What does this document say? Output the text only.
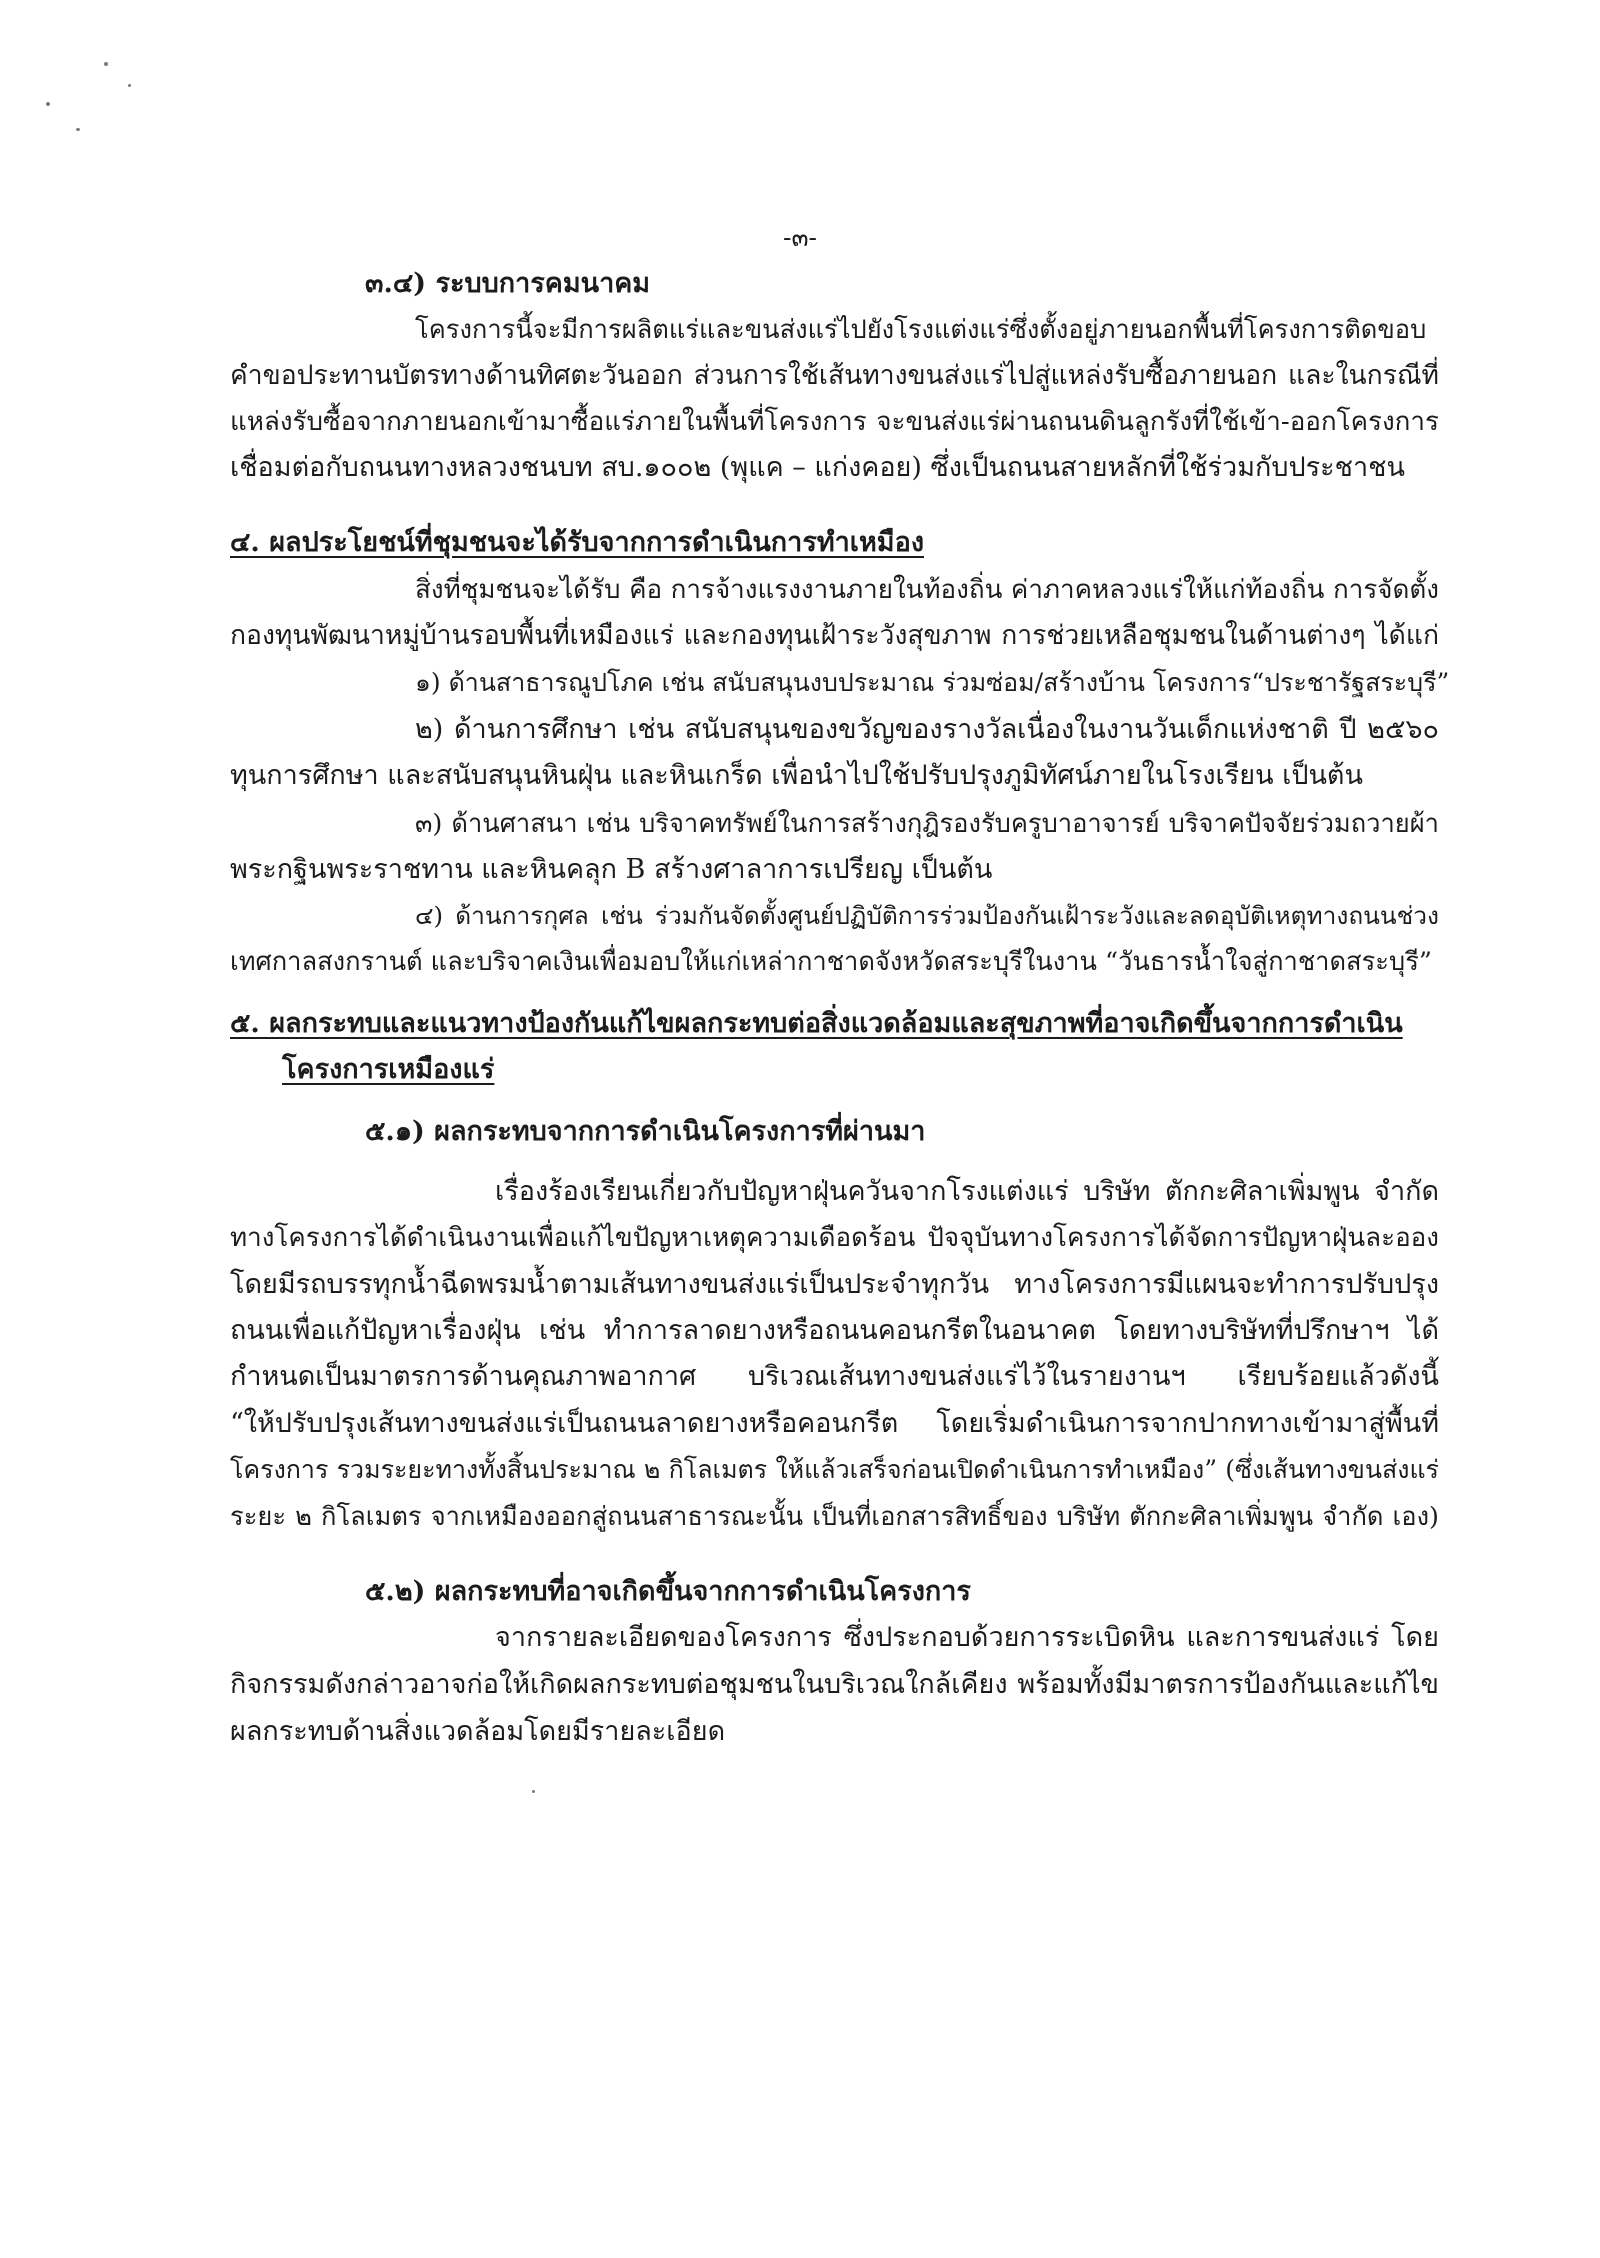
-๓-
๓.๔) ระบบการคมนาคม
โครงการนี้จะมีการผลิตแร่และขนส่งแร่ไปยังโรงแต่งแร่ซึ่งตั้งอยู่ภายนอกพื้นที่โครงการติดขอบ
คำขอประทานบัตรทางด้านทิศตะวันออก ส่วนการใช้เส้นทางขนส่งแร่ไปสู่แหล่งรับซื้อภายนอก และในกรณีที่
แหล่งรับซื้อจากภายนอกเข้ามาซื้อแร่ภายในพื้นที่โครงการ จะขนส่งแร่ผ่านถนนดินลูกรังที่ใช้เข้า-ออกโครงการ
เชื่อมต่อกับถนนทางหลวงชนบท สบ.๑๐๐๒ (พุแค – แก่งคอย) ซึ่งเป็นถนนสายหลักที่ใช้ร่วมกับประชาชน
๔. ผลประโยชน์ที่ชุมชนจะได้รับจากการดำเนินการทำเหมือง
สิ่งที่ชุมชนจะได้รับ คือ การจ้างแรงงานภายในท้องถิ่น ค่าภาคหลวงแร่ให้แก่ท้องถิ่น การจัดตั้ง
กองทุนพัฒนาหมู่บ้านรอบพื้นที่เหมืองแร่ และกองทุนเฝ้าระวังสุขภาพ การช่วยเหลือชุมชนในด้านต่างๆ ได้แก่
๑) ด้านสาธารณูปโภค เช่น สนับสนุนงบประมาณ ร่วมซ่อม/สร้างบ้าน โครงการ“ประชารัฐสระบุรี”
๒) ด้านการศึกษา เช่น สนับสนุนของขวัญของรางวัลเนื่องในงานวันเด็กแห่งชาติ ปี ๒๕๖๐
ทุนการศึกษา และสนับสนุนหินฝุ่น และหินเกร็ด เพื่อนำไปใช้ปรับปรุงภูมิทัศน์ภายในโรงเรียน เป็นต้น
๓) ด้านศาสนา เช่น บริจาคทรัพย์ในการสร้างกุฎิรองรับครูบาอาจารย์ บริจาคปัจจัยร่วมถวายผ้า
พระกฐินพระราชทาน และหินคลุก B สร้างศาลาการเปรียญ เป็นต้น
๔) ด้านการกุศล เช่น ร่วมกันจัดตั้งศูนย์ปฏิบัติการร่วมป้องกันเฝ้าระวังและลดอุบัติเหตุทางถนนช่วง
เทศกาลสงกรานต์ และบริจาคเงินเพื่อมอบให้แก่เหล่ากาชาดจังหวัดสระบุรีในงาน “วันธารน้ำใจสู่กาชาดสระบุรี”
๕. ผลกระทบและแนวทางป้องกันแก้ไขผลกระทบต่อสิ่งแวดล้อมและสุขภาพที่อาจเกิดขึ้นจากการดำเนิน
โครงการเหมืองแร่
๕.๑) ผลกระทบจากการดำเนินโครงการที่ผ่านมา
เรื่องร้องเรียนเกี่ยวกับปัญหาฝุ่นควันจากโรงแต่งแร่ บริษัท ตักกะศิลาเพิ่มพูน จำกัด
ทางโครงการได้ดำเนินงานเพื่อแก้ไขปัญหาเหตุความเดือดร้อน ปัจจุบันทางโครงการได้จัดการปัญหาฝุ่นละออง
โดยมีรถบรรทุกน้ำฉีดพรมน้ำตามเส้นทางขนส่งแร่เป็นประจำทุกวัน ทางโครงการมีแผนจะทำการปรับปรุง
ถนนเพื่อแก้ปัญหาเรื่องฝุ่น เช่น ทำการลาดยางหรือถนนคอนกรีตในอนาคต โดยทางบริษัทที่ปรึกษาฯ ได้
กำหนดเป็นมาตรการด้านคุณภาพอากาศ บริเวณเส้นทางขนส่งแร่ไว้ในรายงานฯ เรียบร้อยแล้วดังนี้
“ให้ปรับปรุงเส้นทางขนส่งแร่เป็นถนนลาดยางหรือคอนกรีต โดยเริ่มดำเนินการจากปากทางเข้ามาสู่พื้นที่
โครงการ รวมระยะทางทั้งสิ้นประมาณ ๒ กิโลเมตร ให้แล้วเสร็จก่อนเปิดดำเนินการทำเหมือง” (ซึ่งเส้นทางขนส่งแร่
ระยะ ๒ กิโลเมตร จากเหมืองออกสู่ถนนสาธารณะนั้น เป็นที่เอกสารสิทธิ์ของ บริษัท ตักกะศิลาเพิ่มพูน จำกัด เอง)
๕.๒) ผลกระทบที่อาจเกิดขึ้นจากการดำเนินโครงการ
จากรายละเอียดของโครงการ ซึ่งประกอบด้วยการระเบิดหิน และการขนส่งแร่ โดย
กิจกรรมดังกล่าวอาจก่อให้เกิดผลกระทบต่อชุมชนในบริเวณใกล้เคียง พร้อมทั้งมีมาตรการป้องกันและแก้ไข
ผลกระทบด้านสิ่งแวดล้อมโดยมีรายละเอียด
